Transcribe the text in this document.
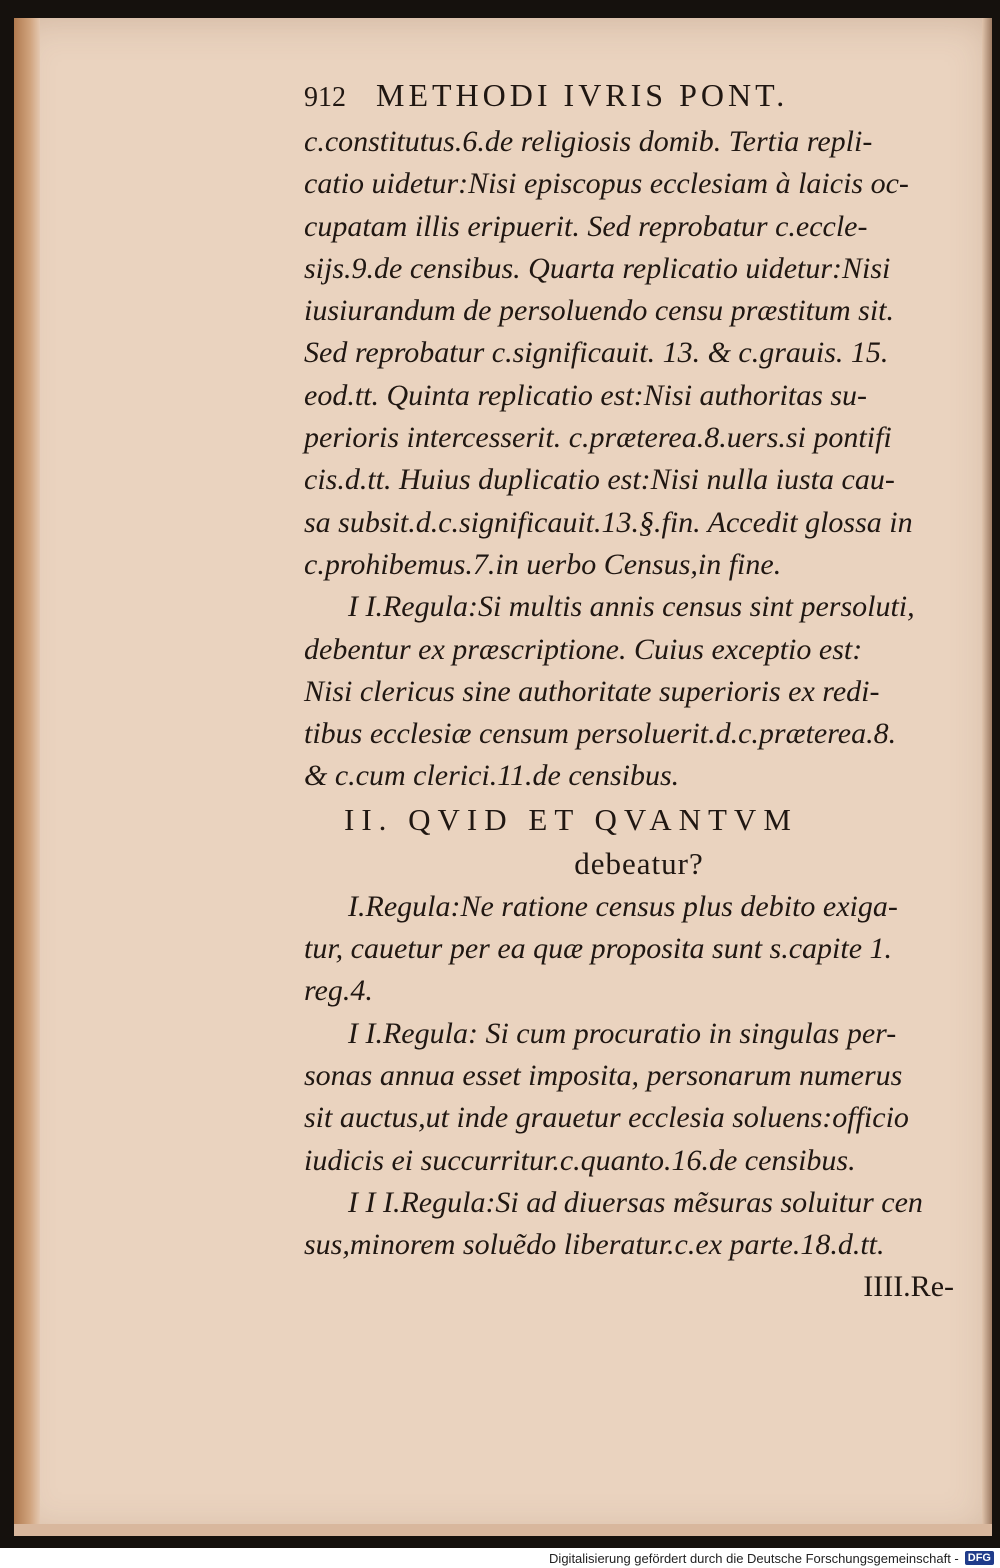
912 METHODI IVRIS PONT.

c.constitutus.6.de religiosis domib. Tertia repli-

catio uidetur:Nisi episcopus ecclesiam à laicis oc-

cupatam illis eripuerit. Sed reprobatur c.eccle-

sijs.9.de censibus. Quarta replicatio uidetur:Nisi

iusiurandum de persoluendo censu præstitum sit.

Sed reprobatur c.significauit. 13. & c.grauis. 15.

eod.tt. Quinta replicatio est:Nisi authoritas su-

perioris intercesserit. c.præterea.8.uers.si pontifi

cis.d.tt. Huius duplicatio est:Nisi nulla iusta cau-

sa subsit.d.c.significauit.13.§.fin. Accedit glossa in

c.prohibemus.7.in uerbo Census,in fine.

I I.Regula:Si multis annis census sint persoluti,

debentur ex præscriptione. Cuius exceptio est:

Nisi clericus sine authoritate superioris ex redi-

tibus ecclesiæ censum persoluerit.d.c.præterea.8.

& c.cum clerici.11.de censibus.

II. QVID ET QVANTVM

debeatur?

I.Regula:Ne ratione census plus debito exiga-

tur, cauetur per ea quæ proposita sunt s.capite 1.

reg.4.

I I.Regula: Si cum procuratio in singulas per-

sonas annua esset imposita, personarum numerus

sit auctus,ut inde grauetur ecclesia soluens:officio

iudicis ei succurritur.c.quanto.16.de censibus.

I I I.Regula:Si ad diuersas mẽsuras soluitur cen

sus,minorem soluẽdo liberatur.c.ex parte.18.d.tt.

IIII.Re-

Digitalisierung gefördert durch die Deutsche Forschungsgemeinschaft - DFG
